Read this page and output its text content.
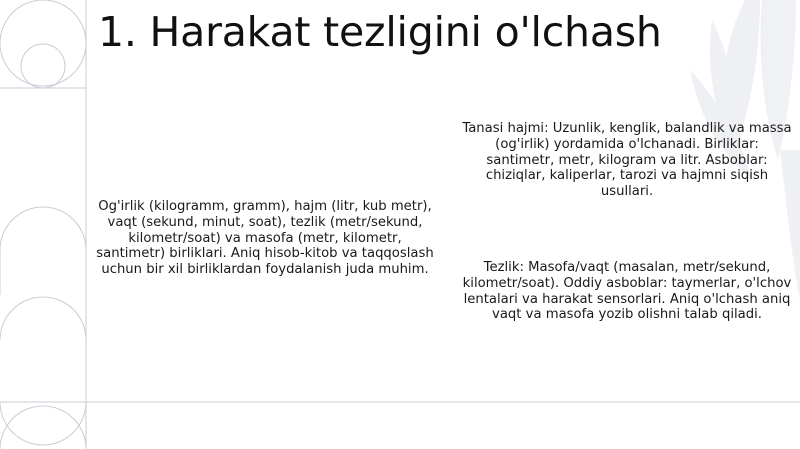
1. Harakat tezligini o'lchash

Og'irlik (kilogramm, gramm), hajm (litr, kub metr), vaqt (sekund, minut, soat), tezlik (metr/sekund, kilometr/soat) va masofa (metr, kilometr, santimetr) birliklari. Aniq hisob-kitob va taqqoslash uchun bir xil birliklardan foydalanish juda muhim.

Tanasi hajmi: Uzunlik, kenglik, balandlik va massa (og'irlik) yordamida o'lchanadi. Birliklar: santimetr, metr, kilogram va litr. Asboblar: chiziqlar, kaliperlar, tarozi va hajmni siqish usullari.

Tezlik: Masofa/vaqt (masalan, metr/sekund, kilometr/soat). Oddiy asboblar: taymerlar, o'lchov lentalari va harakat sensorlari. Aniq o'lchash aniq vaqt va masofa yozib olishni talab qiladi.
